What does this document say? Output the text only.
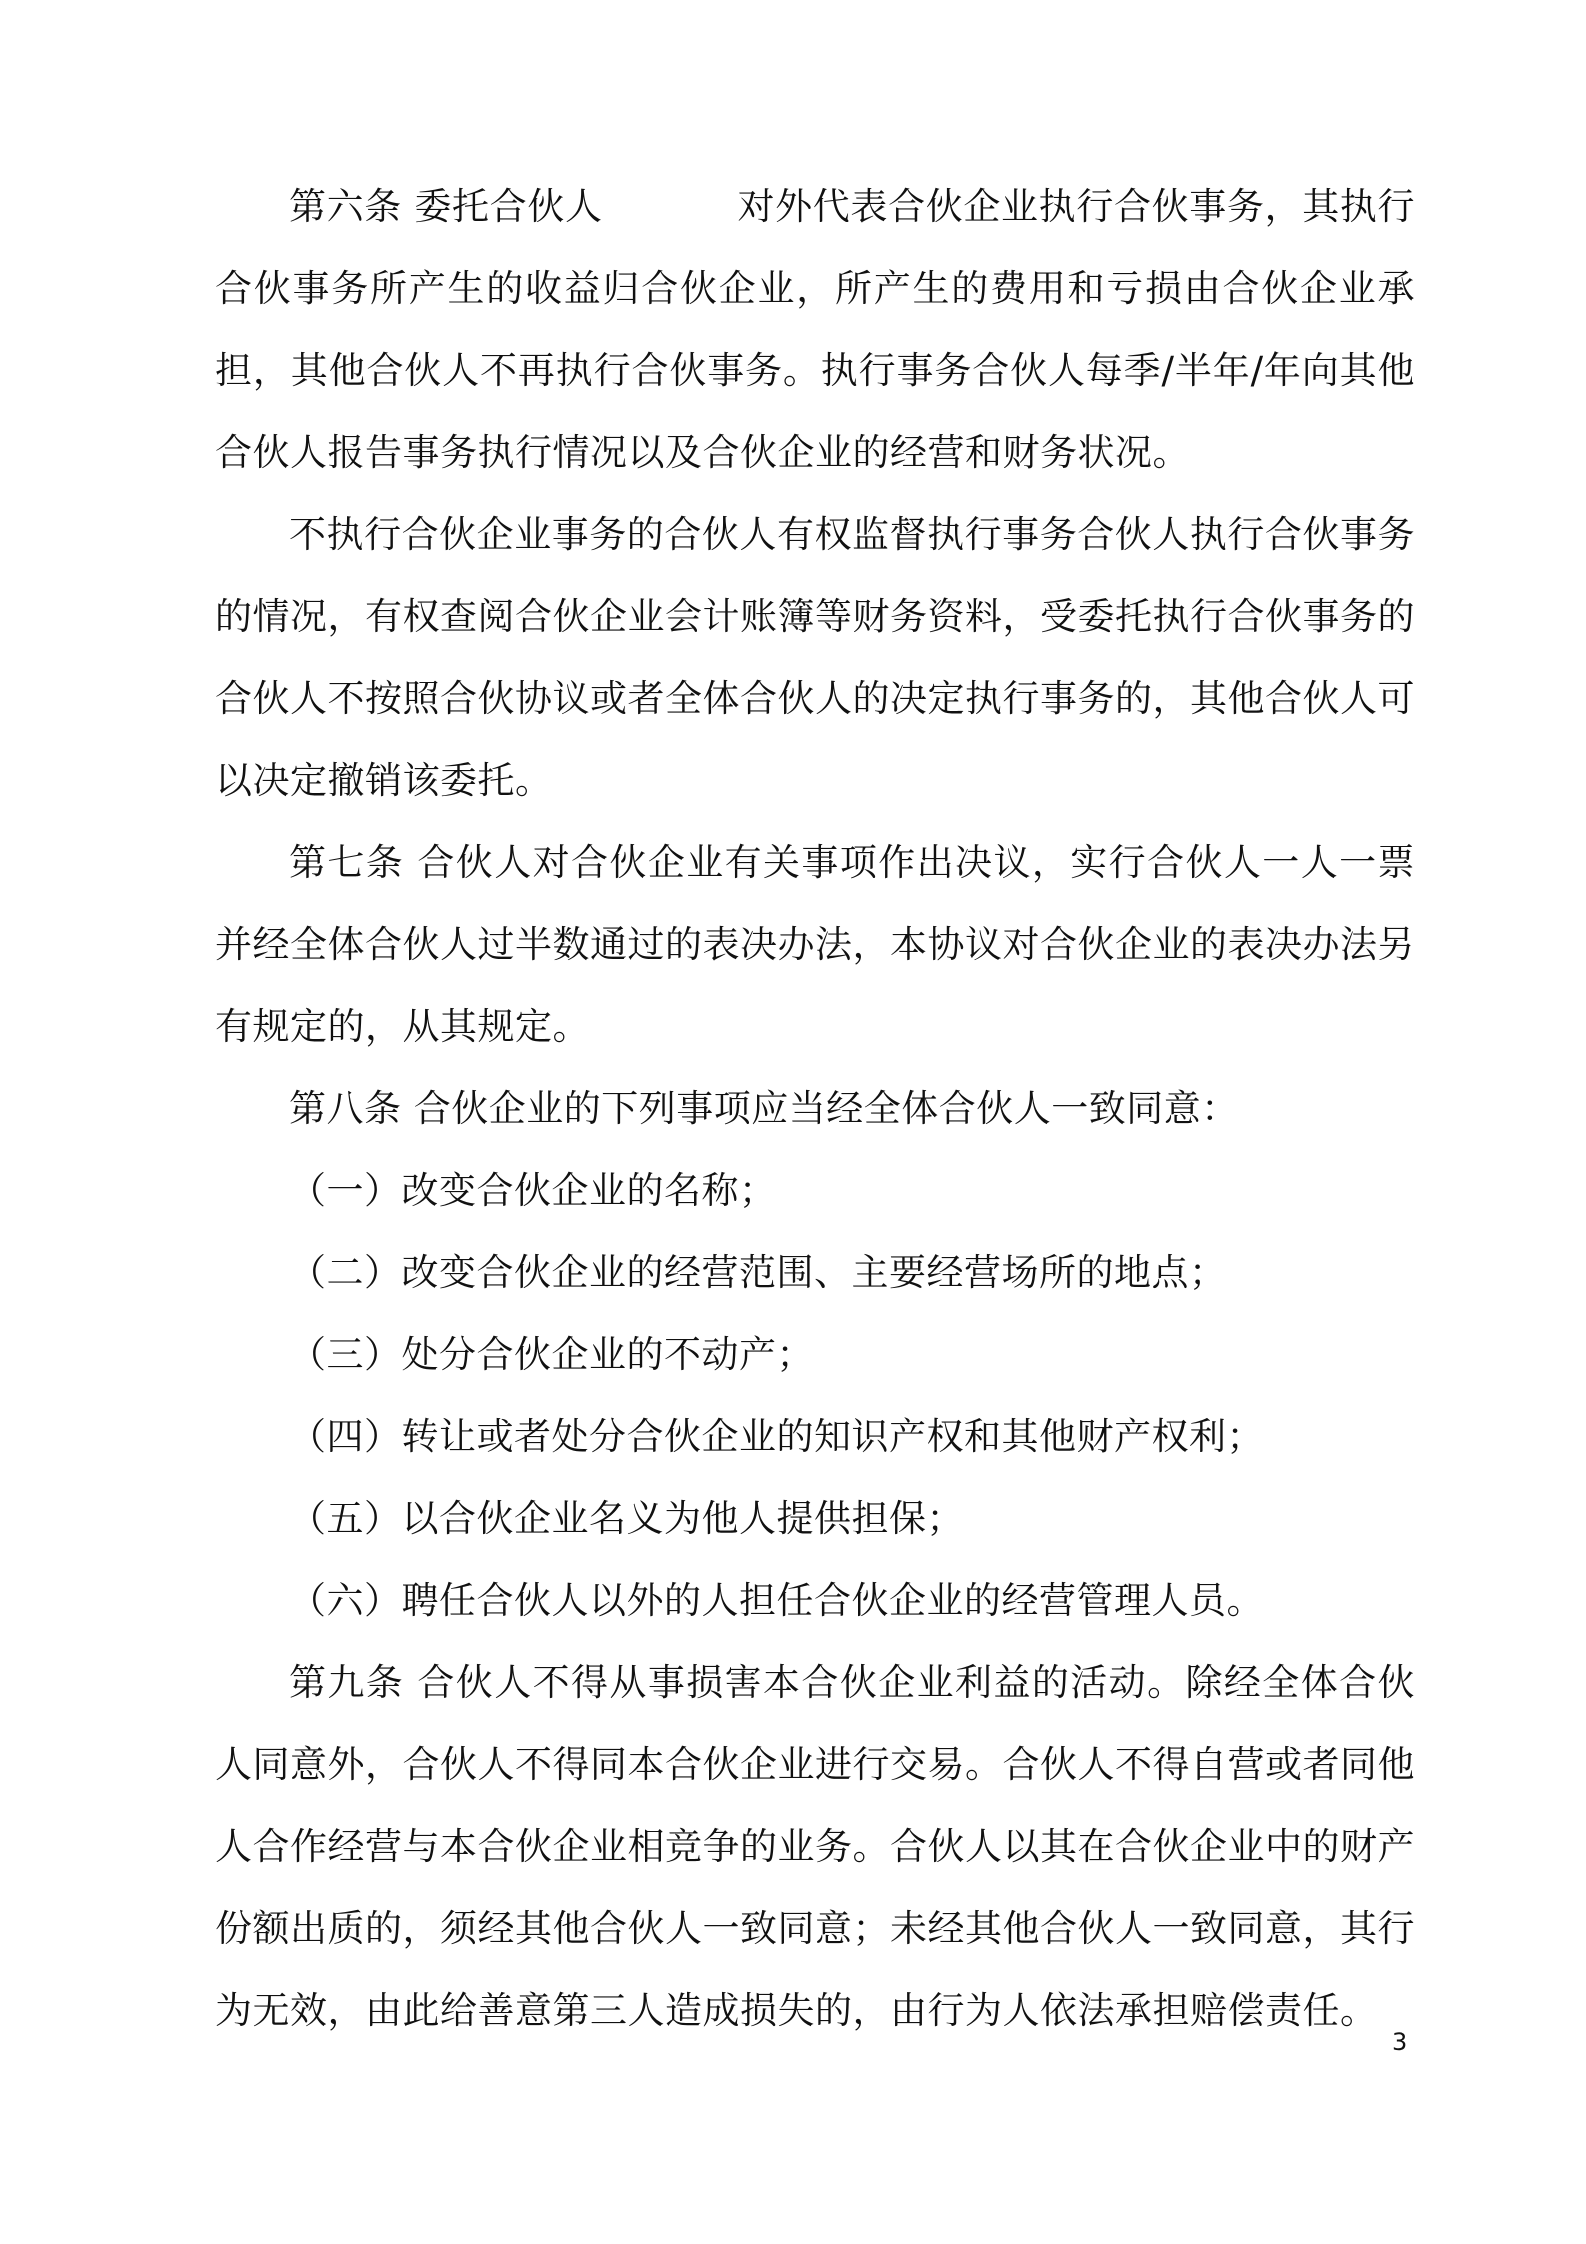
第六条 委托合伙人	对外代表合伙企业执行合伙事务，其执行合伙事务所产生的收益归合伙企业，所产生的费用和亏损由合伙企业承担，其他合伙人不再执行合伙事务。执行事务合伙人每季/半年/年向其他合伙人报告事务执行情况以及合伙企业的经营和财务状况。

不执行合伙企业事务的合伙人有权监督执行事务合伙人执行合伙事务的情况，有权查阅合伙企业会计账簿等财务资料，受委托执行合伙事务的合伙人不按照合伙协议或者全体合伙人的决定执行事务的，其他合伙人可以决定撤销该委托。

第七条 合伙人对合伙企业有关事项作出决议，实行合伙人一人一票并经全体合伙人过半数通过的表决办法，本协议对合伙企业的表决办法另有规定的，从其规定。

第八条 合伙企业的下列事项应当经全体合伙人一致同意：

（一）改变合伙企业的名称；

（二）改变合伙企业的经营范围、主要经营场所的地点；

（三）处分合伙企业的不动产；

（四）转让或者处分合伙企业的知识产权和其他财产权利；

（五）以合伙企业名义为他人提供担保；

（六）聘任合伙人以外的人担任合伙企业的经营管理人员。

第九条 合伙人不得从事损害本合伙企业利益的活动。除经全体合伙人同意外，合伙人不得同本合伙企业进行交易。合伙人不得自营或者同他人合作经营与本合伙企业相竞争的业务。合伙人以其在合伙企业中的财产份额出质的，须经其他合伙人一致同意；未经其他合伙人一致同意，其行为无效，由此给善意第三人造成损失的，由行为人依法承担赔偿责任。

3
